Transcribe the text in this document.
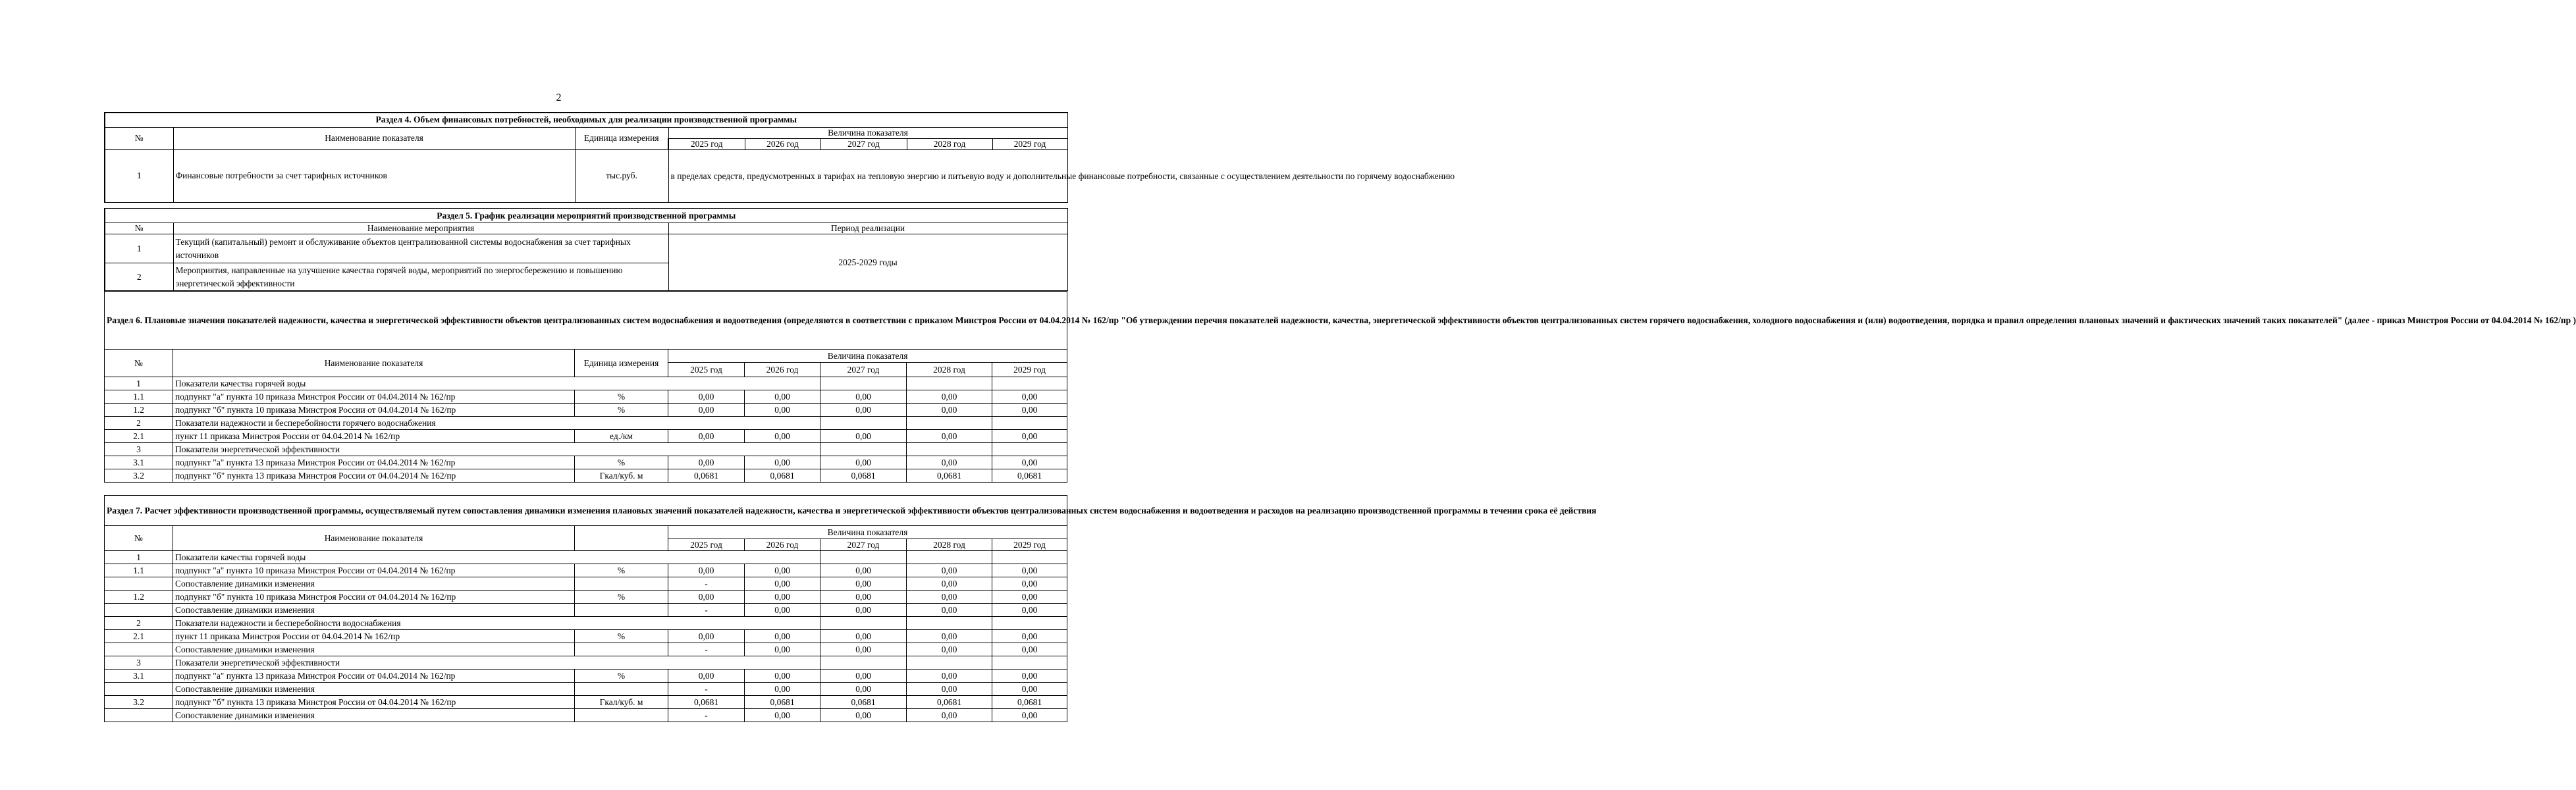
2
Раздел 4. Объем финансовых потребностей, необходимых для реализации производственной программы							
№	Наименование показателя	Единица измерения	Величина показателя				
			2025 год	2026 год	2027 год	2028 год	2029 год
1	Финансовые потребности за счет тарифных источников	тыс.руб.	в пределах средств, предусмотренных в тарифах на тепловую энергию и питьевую воду и дополнительные финансовые потребности, связанные с осуществлением деятельности по горячему водоснабжению				
Раздел 5. График реализации мероприятий производственной программы		
№	Наименование мероприятия	Период реализации
1	Текущий (капитальный) ремонт и обслуживание объектов централизованной системы водоснабжения за счет тарифных источников	2025-2029 годы
2	Мероприятия, направленные на улучшение качества горячей воды, мероприятий по энергосбережению и повышению энергетической эффективности	
Раздел 6. Плановые значения показателей надежности, качества и энергетической эффективности объектов централизованных систем водоснабжения и водоотведения (определяются в соответствии с приказом Минстроя России от 04.04.2014 № 162/пр "Об утверждении перечня показателей надежности, качества, энергетической эффективности объектов централизованных систем горячего водоснабжения, холодного водоснабжения и (или) водоотведения, порядка и правил определения плановых значений и фактических значений таких показателей" (далее - приказ Минстроя России от 04.04.2014 № 162/пр )							
№	Наименование показателя	Единица измерения	Величина показателя				
			2025 год	2026 год	2027 год	2028 год	2029 год
1	Показатели качества горячей воды						
1.1	подпункт "а" пункта 10 приказа Минстроя России от 04.04.2014 № 162/пр	%	0,00	0,00	0,00	0,00	0,00
1.2	подпункт "б" пункта 10 приказа Минстроя России от 04.04.2014 № 162/пр	%	0,00	0,00	0,00	0,00	0,00
2	Показатели надежности и бесперебойности горячего водоснабжения						
2.1	пункт 11 приказа Минстроя России от 04.04.2014 № 162/пр	ед./км	0,00	0,00	0,00	0,00	0,00
3	Показатели энергетической эффективности						
3.1	подпункт "а" пункта 13 приказа Минстроя России от 04.04.2014 № 162/пр	%	0,00	0,00	0,00	0,00	0,00
3.2	подпункт "б" пункта 13 приказа Минстроя России от 04.04.2014 № 162/пр	Гкал/куб. м	0,0681	0,0681	0,0681	0,0681	0,0681
Раздел 7. Расчет эффективности производственной программы, осуществляемый путем сопоставления динамики изменения плановых значений показателей надежности, качества и энергетической эффективности объектов централизованных систем водоснабжения и водоотведения и расходов на реализацию производственной программы в течении срока её действия							
№	Наименование показателя		Величина показателя				
			2025 год	2026 год	2027 год	2028 год	2029 год
1	Показатели качества горячей воды						
1.1	подпункт "а" пункта 10 приказа Минстроя России от 04.04.2014 № 162/пр	%	0,00	0,00	0,00	0,00	0,00
	Сопоставление динамики изменения		-	0,00	0,00	0,00	0,00
1.2	подпункт "б" пункта 10 приказа Минстроя России от 04.04.2014 № 162/пр	%	0,00	0,00	0,00	0,00	0,00
	Сопоставление динамики изменения		-	0,00	0,00	0,00	0,00
2	Показатели надежности и бесперебойности водоснабжения						
2.1	пункт 11 приказа Минстроя России от 04.04.2014 № 162/пр	%	0,00	0,00	0,00	0,00	0,00
	Сопоставление динамики изменения		-	0,00	0,00	0,00	0,00
3	Показатели энергетической эффективности						
3.1	подпункт "а" пункта 13 приказа Минстроя России от 04.04.2014 № 162/пр	%	0,00	0,00	0,00	0,00	0,00
	Сопоставление динамики изменения		-	0,00	0,00	0,00	0,00
3.2	подпункт "б" пункта 13 приказа Минстроя России от 04.04.2014 № 162/пр	Гкал/куб. м	0,0681	0,0681	0,0681	0,0681	0,0681
	Сопоставление динамики изменения		-	0,00	0,00	0,00	0,00
